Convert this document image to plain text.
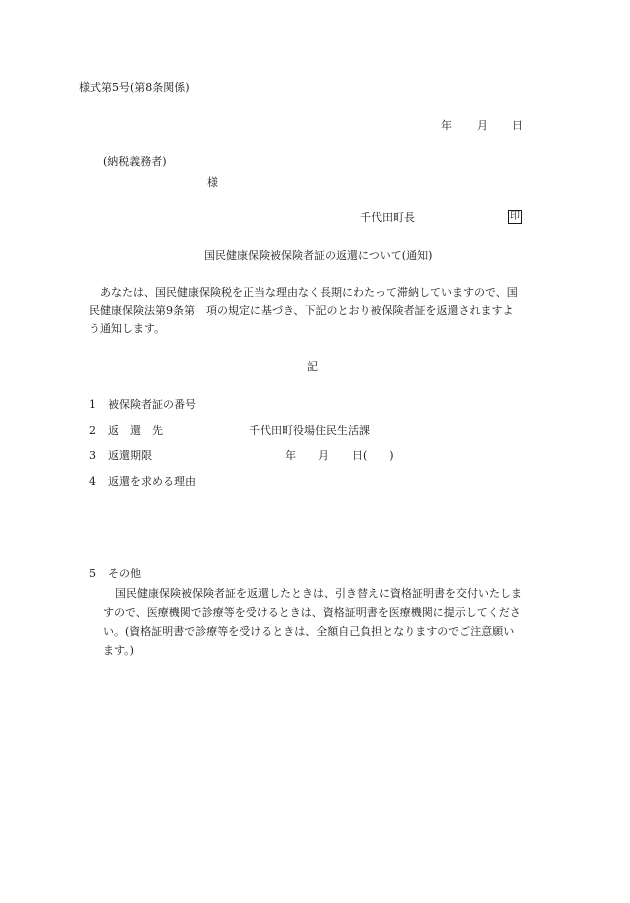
様式第5号(第8条関係)
年 月 日
(納税義務者)
様
千代田町長	印
国民健康保険被保険者証の返還について(通知)
あなたは、国民健康保険税を正当な理由なく長期にわたって滞納していますので、国
民健康保険法第9条第　項の規定に基づき、下記のとおり被保険者証を返還されますよ
う通知します。
記
1 被保険者証の番号
2 返　還　先	千代田町役場住民生活課
3 返還期限	年 月 日(　　)
4 返還を求める理由
5 その他
国民健康保険被保険者証を返還したときは、引き替えに資格証明書を交付いたしま
すので、医療機関で診療等を受けるときは、資格証明書を医療機関に提示してくださ
い。(資格証明書で診療等を受けるときは、全額自己負担となりますのでご注意願い
ます。)
